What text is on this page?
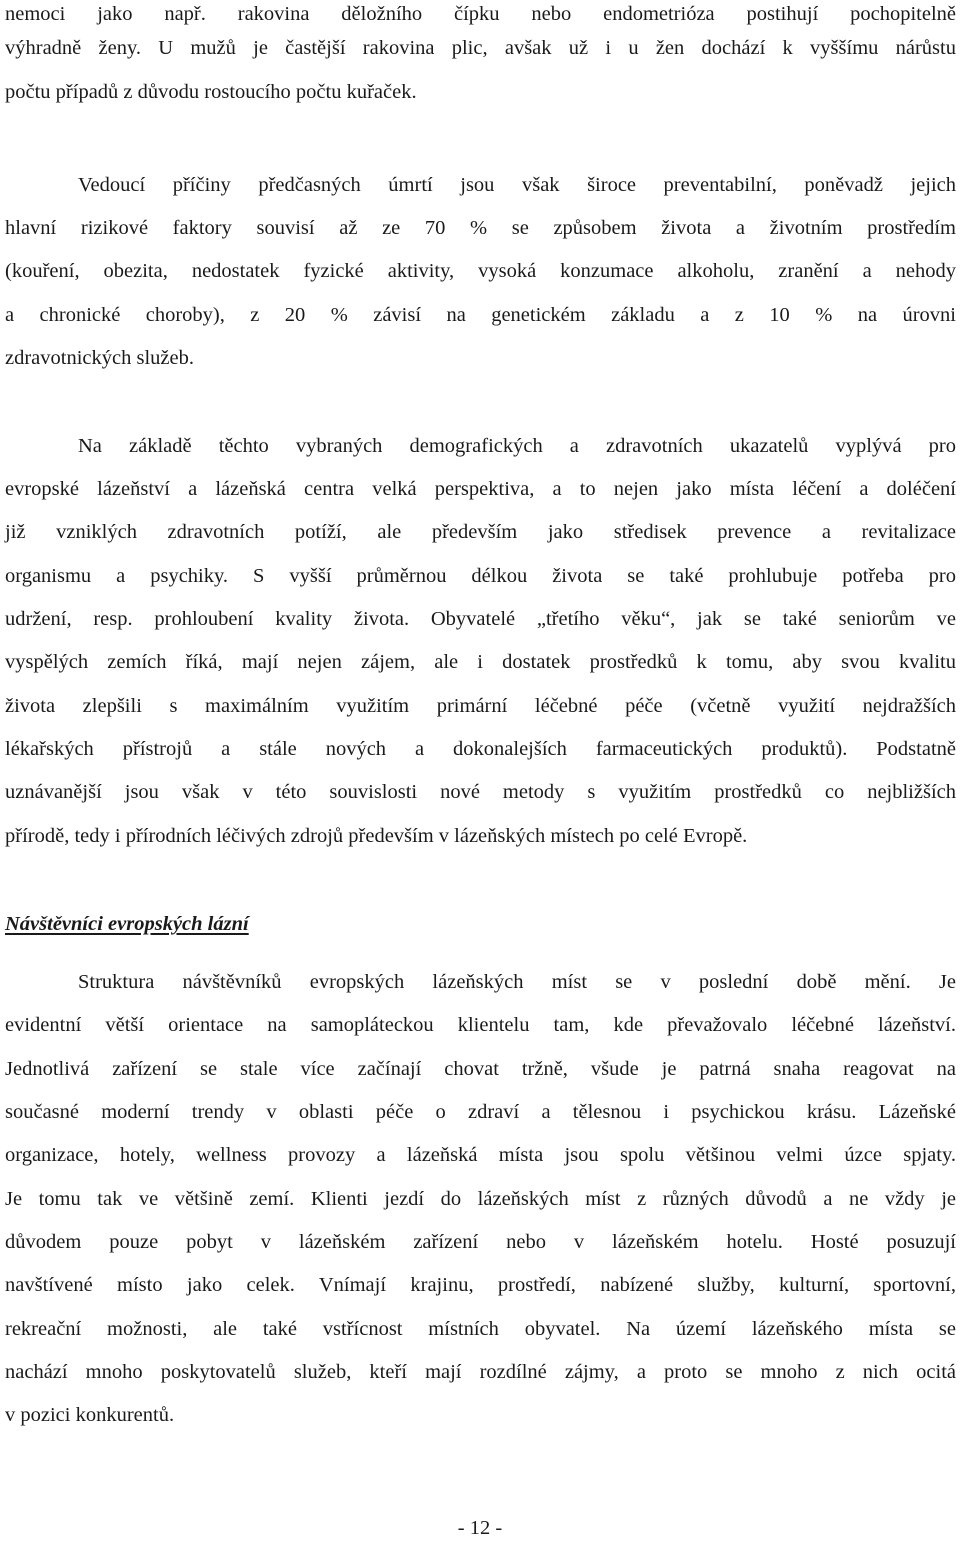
nemoci jako např. rakovina děložního čípku nebo endometrióza postihují pochopitelně
výhradně ženy. U mužů je častější rakovina plic, avšak už i u žen dochází k vyššímu nárůstu
počtu případů z důvodu rostoucího počtu kuřaček.
Vedoucí příčiny předčasných úmrtí jsou však široce preventabilní, poněvadž jejich
hlavní rizikové faktory souvisí až ze 70 % se způsobem života a životním prostředím
(kouření, obezita, nedostatek fyzické aktivity, vysoká konzumace alkoholu, zranění a nehody
a chronické choroby), z 20 % závisí na genetickém základu a z 10 % na úrovni
zdravotnických služeb.
Na základě těchto vybraných demografických a zdravotních ukazatelů vyplývá pro
evropské lázeňství a lázeňská centra velká perspektiva, a to nejen jako místa léčení a doléčení
již vzniklých zdravotních potíží, ale především jako středisek prevence a revitalizace
organismu a psychiky. S vyšší průměrnou délkou života se také prohlubuje potřeba pro
udržení, resp. prohloubení kvality života. Obyvatelé „třetího věku“, jak se také seniorům ve
vyspělých zemích říká, mají nejen zájem, ale i dostatek prostředků k tomu, aby svou kvalitu
života zlepšili s maximálním využitím primární léčebné péče (včetně využití nejdražších
lékařských přístrojů a stále nových a dokonalejších farmaceutických produktů). Podstatně
uznávanější jsou však v této souvislosti nové metody s využitím prostředků co nejbližších
přírodě, tedy i přírodních léčivých zdrojů především v lázeňských místech po celé Evropě.
Návštěvníci evropských lázní
Struktura návštěvníků evropských lázeňských míst se v poslední době mění. Je
evidentní větší orientace na samoplátеckou klientelu tam, kde převažovalo léčebné lázeňství.
Jednotlivá zařízení se stale více začínají chovat tržně, všude je patrná snaha reagovat na
současné moderní trendy v oblasti péče o zdraví a tělesnou i psychickou krásu. Lázeňské
organizace, hotely, wellness provozy a lázeňská místa jsou spolu většinou velmi úzce spjaty.
Je tomu tak ve většině zemí. Klienti jezdí do lázeňských míst z různých důvodů a ne vždy je
důvodem pouze pobyt v lázeňském zařízení nebo v lázeňském hotelu. Hosté posuzují
navštívené místo jako celek. Vnímají krajinu, prostředí, nabízené služby, kulturní, sportovní,
rekreační možnosti, ale také vstřícnost místních obyvatel. Na území lázeňského místa se
nachází mnoho poskytovatelů služeb, kteří mají rozdílné zájmy, a proto se mnoho z nich ocitá
v pozici konkurentů.
- 12 -
